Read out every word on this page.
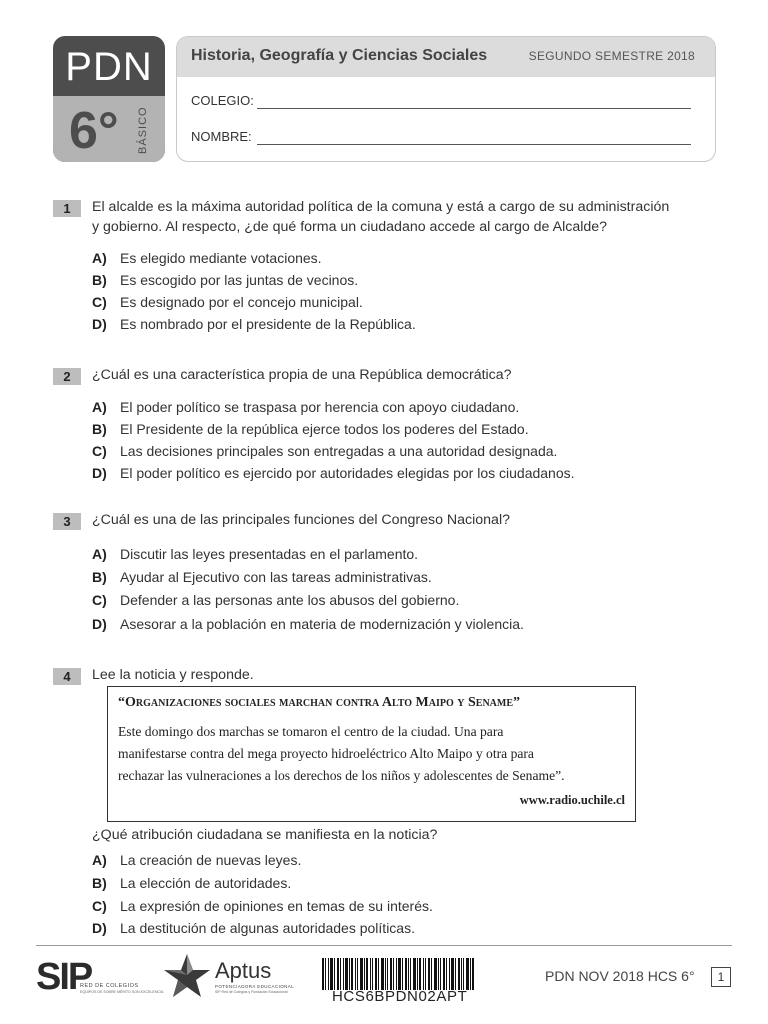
PDN
6° BÁSICO
Historia, Geografía y Ciencias Sociales	SEGUNDO SEMESTRE 2018
COLEGIO:
NOMBRE:
1	El alcalde es la máxima autoridad política de la comuna y está a cargo de su administración
y gobierno. Al respecto, ¿de qué forma un ciudadano accede al cargo de Alcalde?
A) Es elegido mediante votaciones.
B) Es escogido por las juntas de vecinos.
C) Es designado por el concejo municipal.
D) Es nombrado por el presidente de la República.
2	¿Cuál es una característica propia de una República democrática?
A) El poder político se traspasa por herencia con apoyo ciudadano.
B) El Presidente de la república ejerce todos los poderes del Estado.
C) Las decisiones principales son entregadas a una autoridad designada.
D) El poder político es ejercido por autoridades elegidas por los ciudadanos.
3	¿Cuál es una de las principales funciones del Congreso Nacional?
A) Discutir las leyes presentadas en el parlamento.
B) Ayudar al Ejecutivo con las tareas administrativas.
C) Defender a las personas ante los abusos del gobierno.
D) Asesorar a la población en materia de modernización y violencia.
4	Lee la noticia y responde.
“Organizaciones sociales marchan contra Alto Maipo y Sename”
Este domingo dos marchas se tomaron el centro de la ciudad. Una para
manifestarse contra del mega proyecto hidroeléctrico Alto Maipo y otra para
rechazar las vulneraciones a los derechos de los niños y adolescentes de Sename”.
www.radio.uchile.cl
¿Qué atribución ciudadana se manifiesta en la noticia?
A) La creación de nuevas leyes.
B) La elección de autoridades.
C) La expresión de opiniones en temas de su interés.
D) La destitución de algunas autoridades políticas.
SIP
RED DE COLEGIOS
EQUIPOS DE SOBRE MÉRITO SON EXCELENCIA
Aptus
POTENCIADORA EDUCACIONAL
SIP Red de Colegios y Fundación Educacional	HCS6BPDN02APT
PDN NOV 2018 HCS 6°	1
